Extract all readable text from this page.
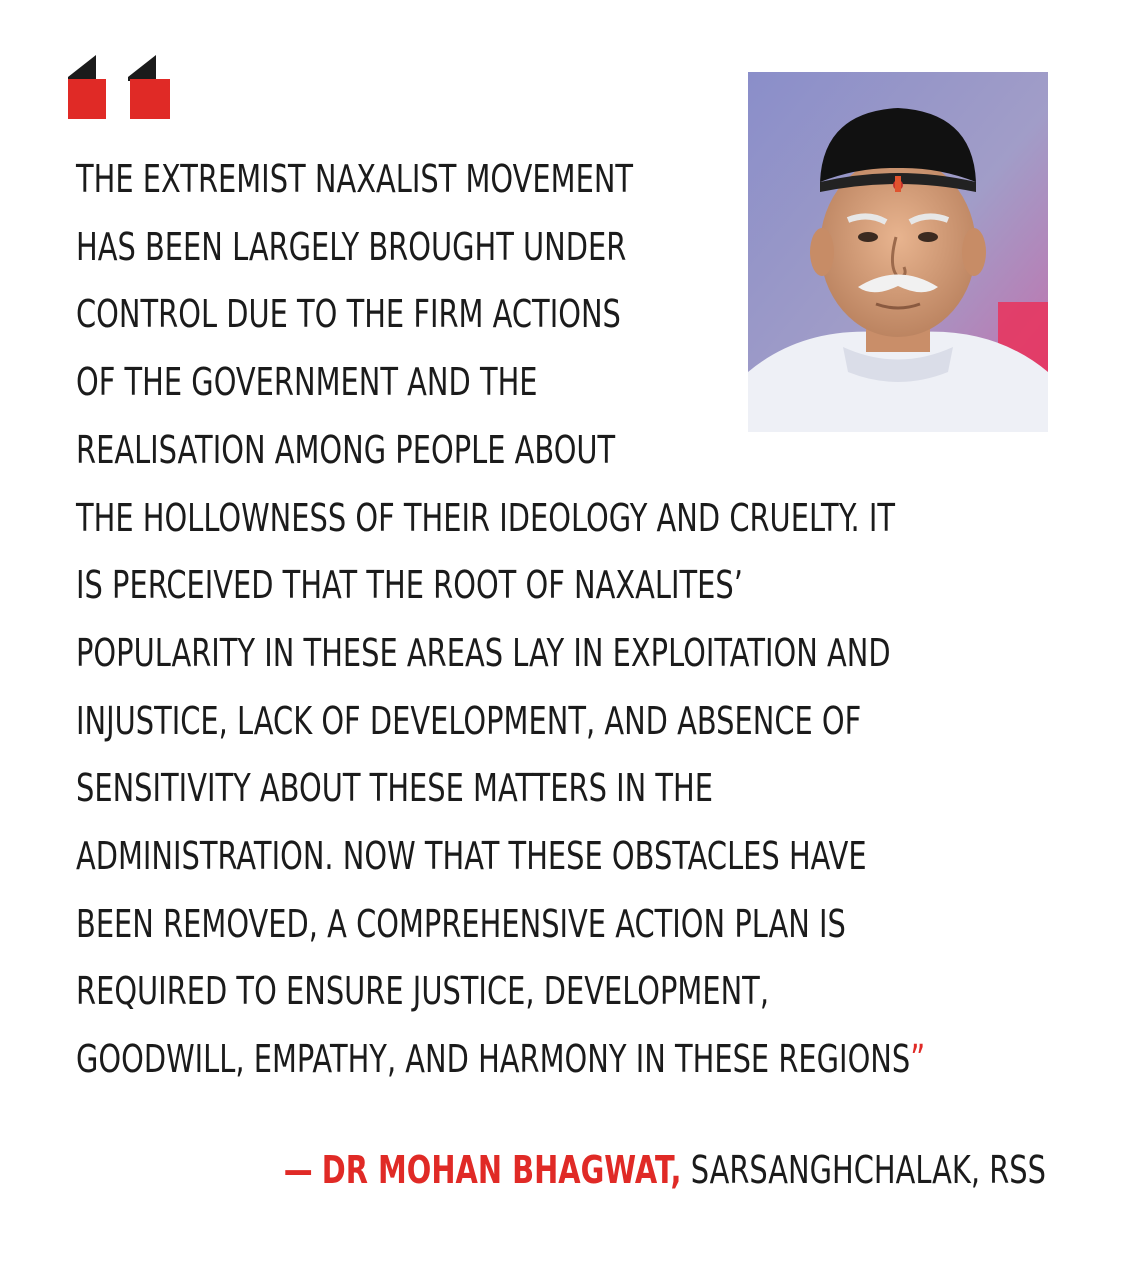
THE EXTREMIST NAXALIST MOVEMENT
HAS BEEN LARGELY BROUGHT UNDER
CONTROL DUE TO THE FIRM ACTIONS
OF THE GOVERNMENT AND THE
REALISATION AMONG PEOPLE ABOUT
THE HOLLOWNESS OF THEIR IDEOLOGY AND CRUELTY. IT
IS PERCEIVED THAT THE ROOT OF NAXALITES’
POPULARITY IN THESE AREAS LAY IN EXPLOITATION AND
INJUSTICE, LACK OF DEVELOPMENT, AND ABSENCE OF
SENSITIVITY ABOUT THESE MATTERS IN THE
ADMINISTRATION. NOW THAT THESE OBSTACLES HAVE
BEEN REMOVED, A COMPREHENSIVE ACTION PLAN IS
REQUIRED TO ENSURE JUSTICE, DEVELOPMENT,
GOODWILL, EMPATHY, AND HARMONY IN THESE REGIONS”

— DR MOHAN BHAGWAT, SARSANGHCHALAK, RSS
